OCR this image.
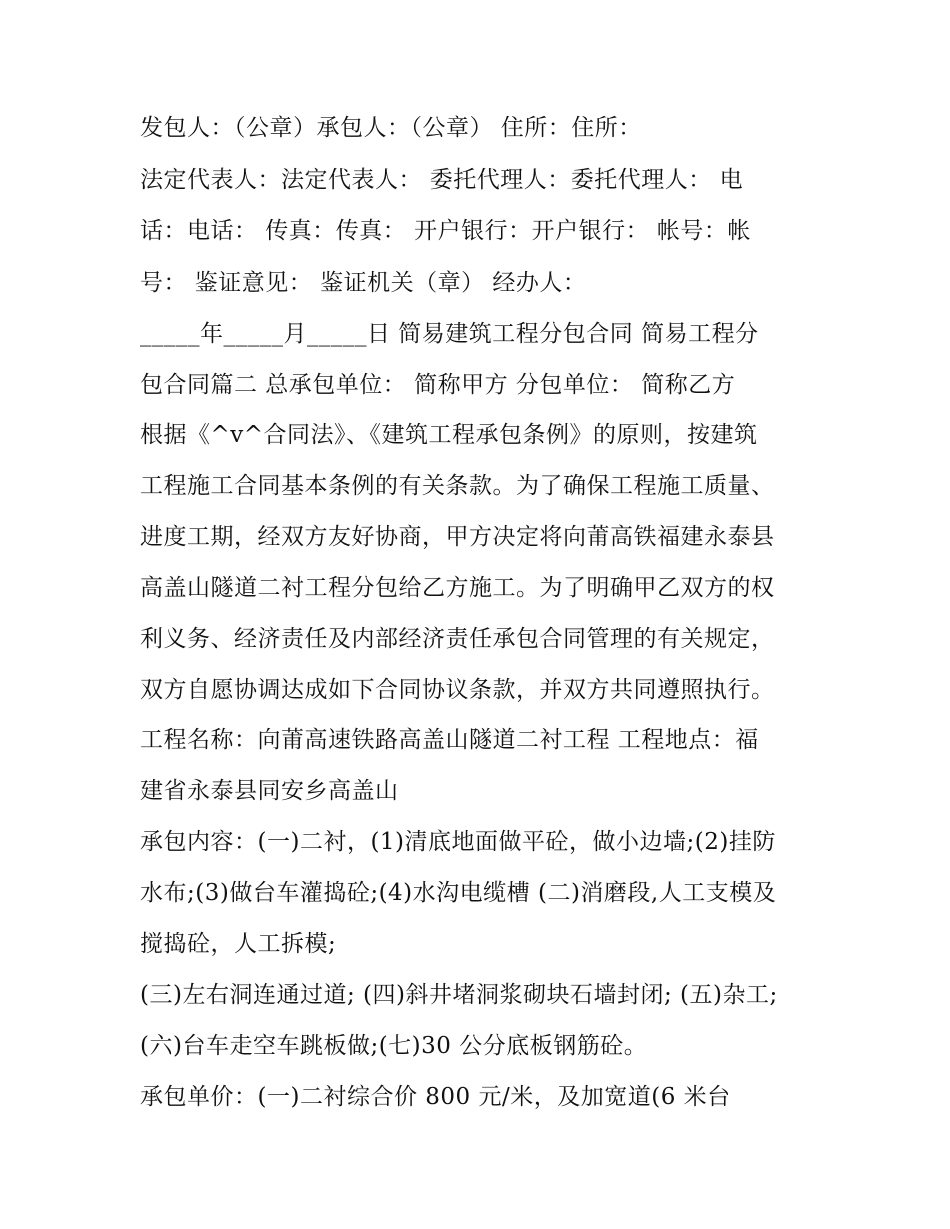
发包人：（公章）承包人：（公章） 住所：住所：
法定代表人：法定代表人： 委托代理人：委托代理人： 电
话：电话： 传真：传真： 开户银行：开户银行： 帐号：帐
号： 鉴证意见： 鉴证机关（章） 经办人：
_____年_____月_____日 简易建筑工程分包合同 简易工程分
包合同篇二 总承包单位： 简称甲方 分包单位： 简称乙方
根据《^v^合同法》、《建筑工程承包条例》的原则，按建筑
工程施工合同基本条例的有关条款。为了确保工程施工质量、
进度工期，经双方友好协商，甲方决定将向莆高铁福建永泰县
高盖山隧道二衬工程分包给乙方施工。为了明确甲乙双方的权
利义务、经济责任及内部经济责任承包合同管理的有关规定，
双方自愿协调达成如下合同协议条款，并双方共同遵照执行。
工程名称：向莆高速铁路高盖山隧道二衬工程 工程地点：福
建省永泰县同安乡高盖山
承包内容：(一)二衬，(1)清底地面做平砼，做小边墙;(2)挂防
水布;(3)做台车灌捣砼;(4)水沟电缆槽 (二)消磨段,人工支模及
搅捣砼，人工拆模;
(三)左右洞连通过道; (四)斜井堵洞浆砌块石墙封闭; (五)杂工;
(六)台车走空车跳板做;(七)30 公分底板钢筋砼。
承包单价：(一)二衬综合价 800 元/米，及加宽道(6 米台
